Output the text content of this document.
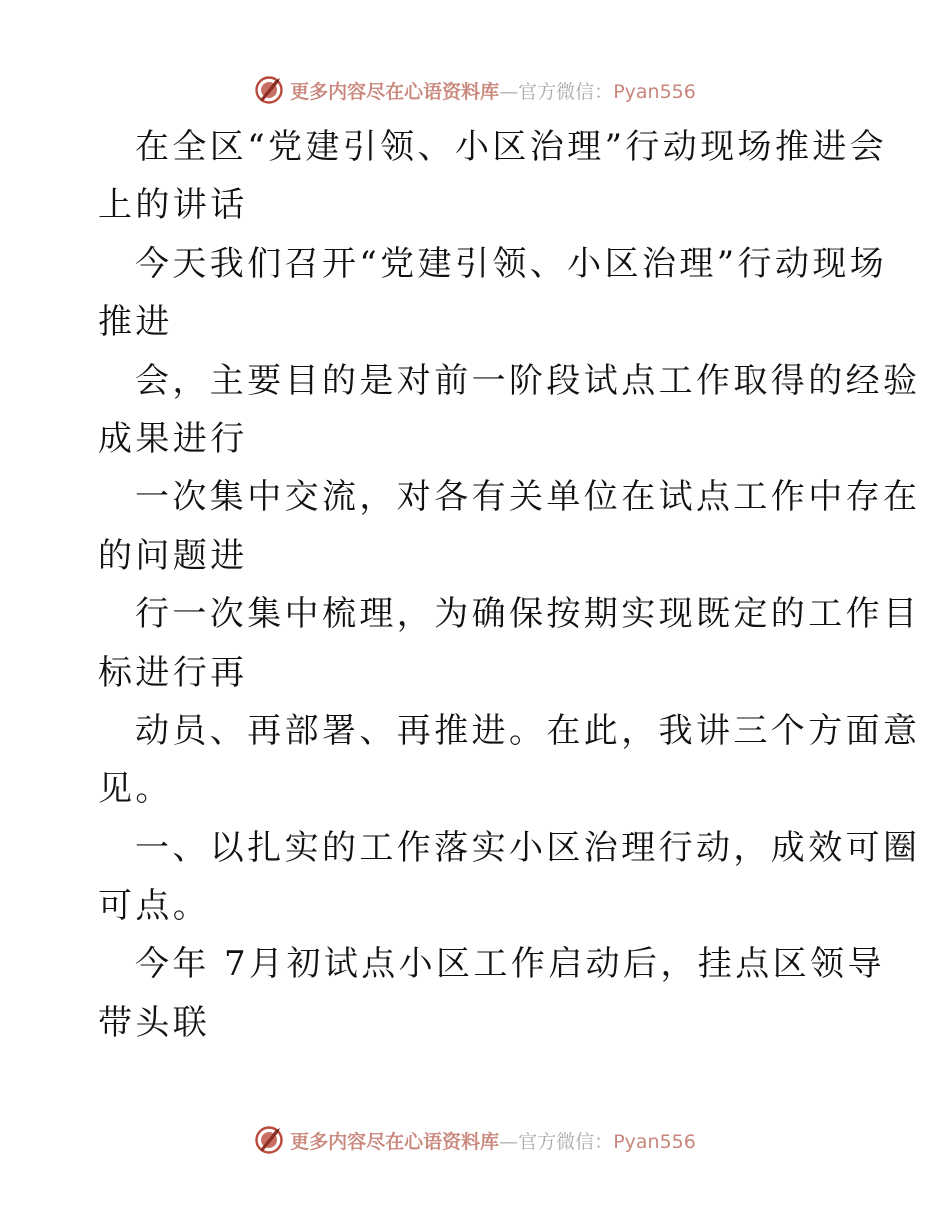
更多内容尽在心语资料库—官方微信：Pyan556
在全区“党建引领、小区治理”行动现场推进会
上的讲话
今天我们召开“党建引领、小区治理”行动现场
推进
会，主要目的是对前一阶段试点工作取得的经验
成果进行
一次集中交流，对各有关单位在试点工作中存在
的问题进
行一次集中梳理，为确保按期实现既定的工作目
标进行再
动员、再部署、再推进。在此，我讲三个方面意
见。
一、以扎实的工作落实小区治理行动，成效可圈
可点。
今年 7月初试点小区工作启动后，挂点区领导
带头联
更多内容尽在心语资料库—官方微信：Pyan556
